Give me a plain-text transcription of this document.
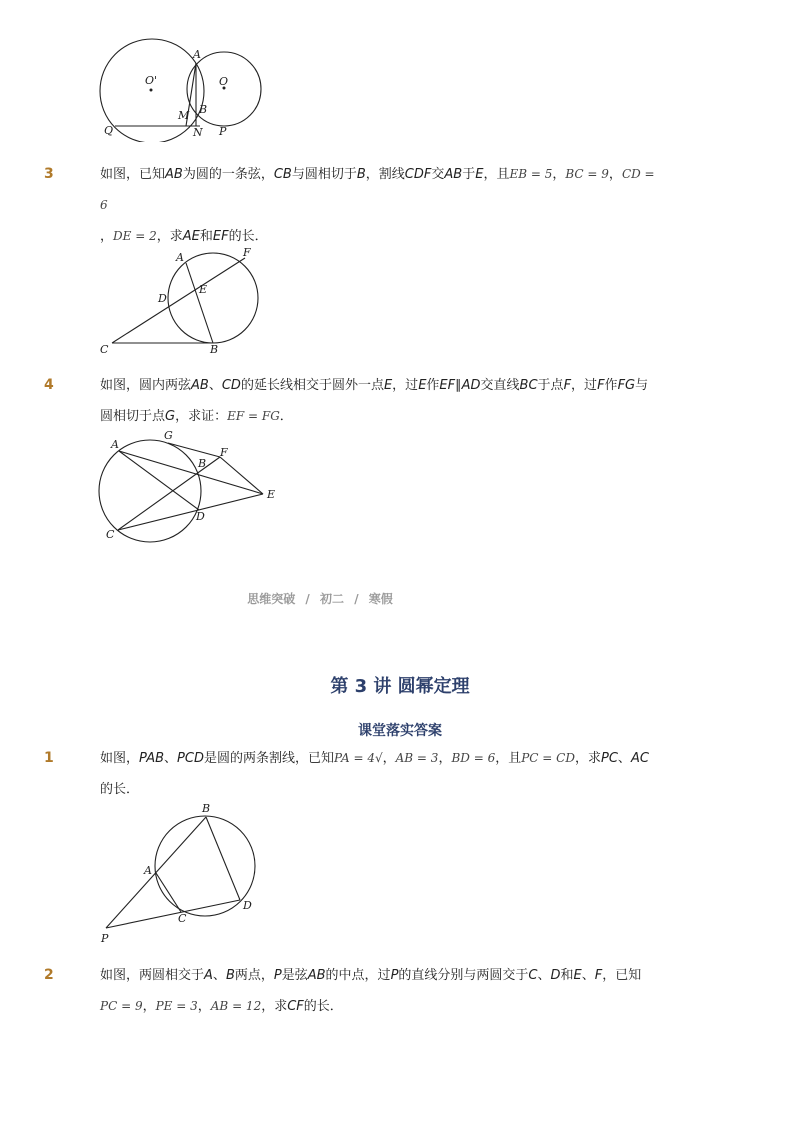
A
O'	O
M B
Q	N P
3	如图，已知AB为圆的一条弦，CB与圆相切于B，割线CDF交AB于E，且EB = 5，BC = 9，CD = 6
，DE = 2，求AE和EF的长．
A	F
D
E
C	B
4	如图，圆内两弦AB、CD的延长线相交于圆外一点E，过E作EF∥AD交直线BC于点F，过F作FG与圆相切于点G，求证：EF = FG．
A
G
B
F
E
D
C
思维突破 / 初二 / 寒假
第 3 讲 圆幂定理
课堂落实答案
1	如图，PAB、PCD是圆的两条割线，已知PA = 4√，AB = 3，BD = 6，且PC = CD，求PC、AC的长．
B
A
D
C
P
2	如图，两圆相交于A、B两点，P是弦AB的中点，过P的直线分别与两圆交于C、D和E、F，已知
PC = 9，PE = 3，AB = 12，求CF的长．
